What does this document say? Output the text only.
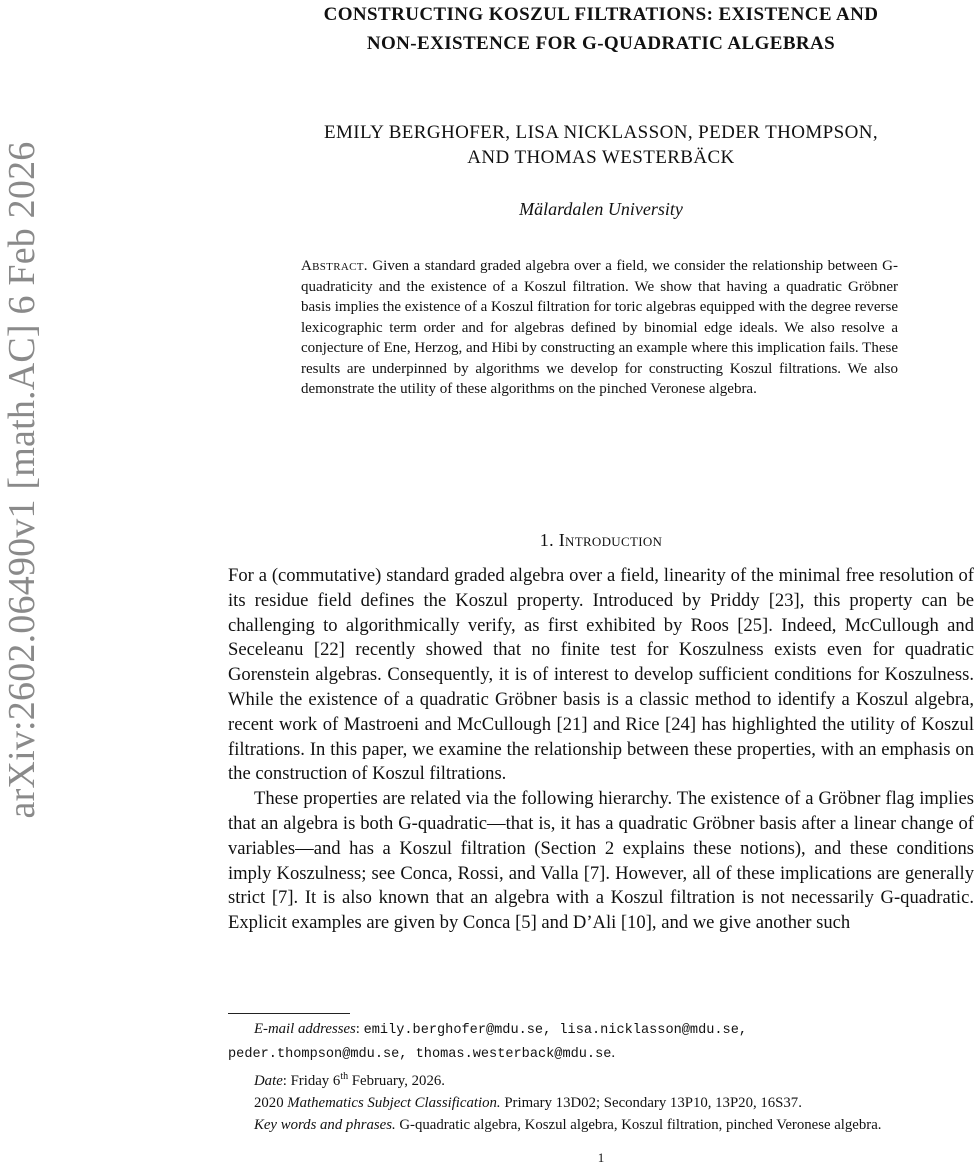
arXiv:2602.06490v1 [math.AC] 6 Feb 2026
CONSTRUCTING KOSZUL FILTRATIONS: EXISTENCE AND
NON-EXISTENCE FOR G-QUADRATIC ALGEBRAS
EMILY BERGHOFER, LISA NICKLASSON, PEDER THOMPSON,
AND THOMAS WESTERBÄCK
Mälardalen University
Abstract. Given a standard graded algebra over a field, we consider the relationship between G-quadraticity and the existence of a Koszul filtration. We show that having a quadratic Gröbner basis implies the existence of a Koszul filtration for toric algebras equipped with the degree reverse lexicographic term order and for algebras defined by binomial edge ideals. We also resolve a conjecture of Ene, Herzog, and Hibi by constructing an example where this implication fails. These results are underpinned by algorithms we develop for constructing Koszul filtrations. We also demonstrate the utility of these algorithms on the pinched Veronese algebra.
1. Introduction

For a (commutative) standard graded algebra over a field, linearity of the minimal free resolution of its residue field defines the Koszul property. Introduced by Priddy [23], this property can be challenging to algorithmically verify, as first exhibited by Roos [25]. Indeed, McCullough and Seceleanu [22] recently showed that no finite test for Koszulness exists even for quadratic Gorenstein algebras. Consequently, it is of interest to develop sufficient conditions for Koszulness. While the existence of a quadratic Gröbner basis is a classic method to identify a Koszul algebra, recent work of Mastroeni and McCullough [21] and Rice [24] has highlighted the utility of Koszul filtrations. In this paper, we examine the relationship between these properties, with an emphasis on the construction of Koszul filtrations.

These properties are related via the following hierarchy. The existence of a Gröbner flag implies that an algebra is both G-quadratic—that is, it has a quadratic Gröbner basis after a linear change of variables—and has a Koszul filtration (Section 2 explains these notions), and these conditions imply Koszulness; see Conca, Rossi, and Valla [7]. However, all of these implications are generally strict [7]. It is also known that an algebra with a Koszul filtration is not necessarily G-quadratic. Explicit examples are given by Conca [5] and D’Ali [10], and we give another such

E-mail addresses: emily.berghofer@mdu.se, lisa.nicklasson@mdu.se,

peder.thompson@mdu.se, thomas.westerback@mdu.se.

Date: Friday 6th February, 2026.

2020 Mathematics Subject Classification. Primary 13D02; Secondary 13P10, 13P20, 16S37.

Key words and phrases. G-quadratic algebra, Koszul algebra, Koszul filtration, pinched Veronese algebra.

1
